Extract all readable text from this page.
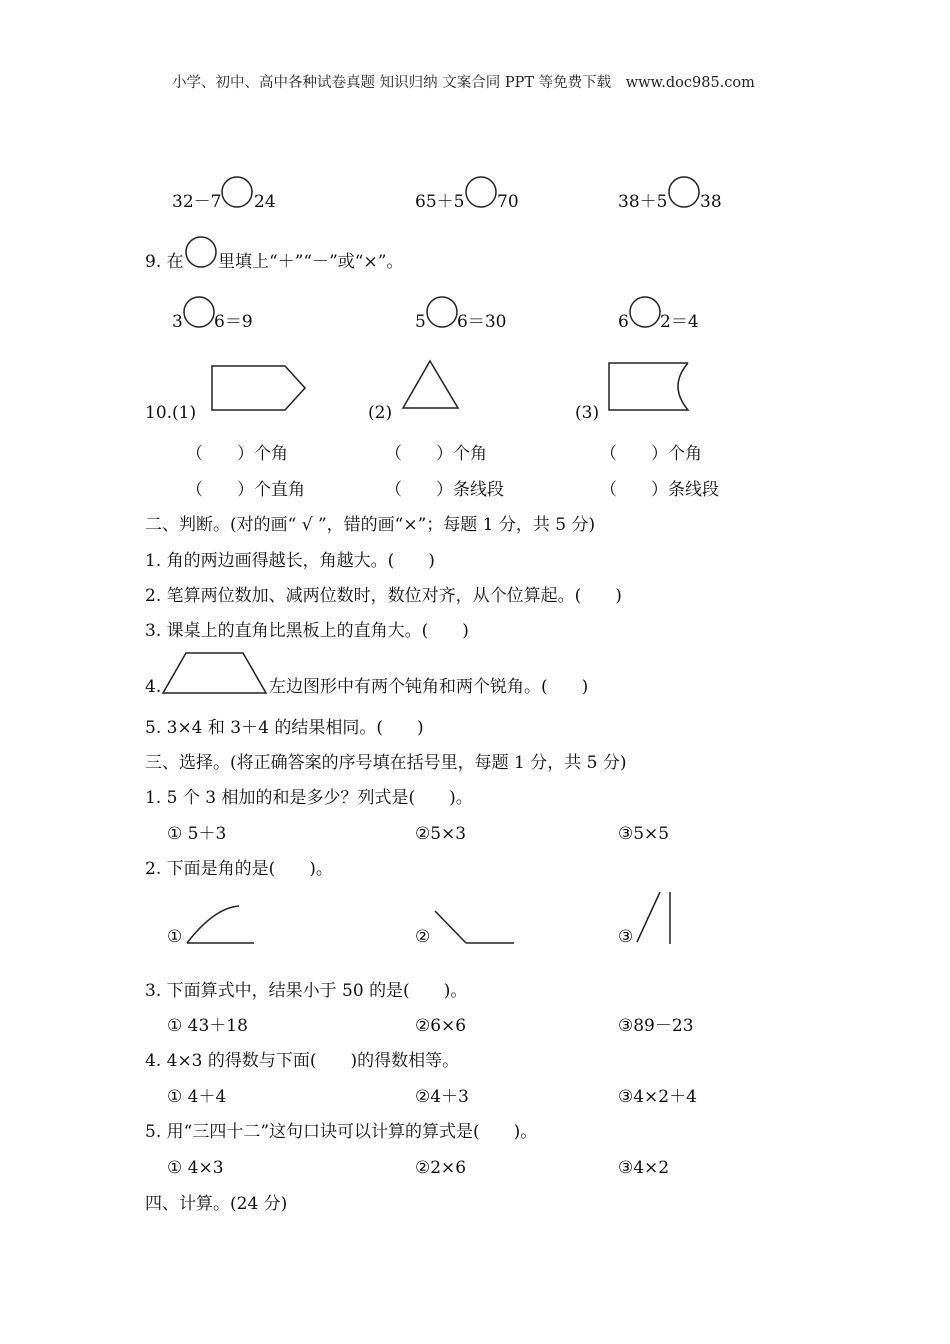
小学、初中、高中各种试卷真题 知识归纳 文案合同 PPT 等免费下载 www.doc985.com
32－7 24	65＋5 70	38＋5 38
9. 在 里填上“＋”“－”或“×”。
3 6＝9	5 6＝30	6 2＝4
10. (1)	(2)	(3)
（　　）个角	（　　）个角	（　　）个角
（　　）个直角	（　　）条线段	（　　）条线段
二、判断。(对的画“ √ ”，错的画“×”；每题 1 分，共 5 分)
1. 角的两边画得越长，角越大。(　　)
2. 笔算两位数加、减两位数时，数位对齐，从个位算起。(　　)
3. 课桌上的直角比黑板上的直角大。(　　)
4.	左边图形中有两个钝角和两个锐角。(　　)
5. 3×4 和 3＋4 的结果相同。(　　)
三、选择。(将正确答案的序号填在括号里，每题 1 分，共 5 分)
1. 5 个 3 相加的和是多少？列式是(　　)。
① 5＋3	②5×3	③5×5
2. 下面是角的是(　　)。
①	②	③
3. 下面算式中，结果小于 50 的是(　　)。
① 43＋18	②6×6	③89－23
4. 4×3 的得数与下面(　　)的得数相等。
① 4＋4	②4＋3	③4×2＋4
5. 用“三四十二”这句口诀可以计算的算式是(　　)。
① 4×3	②2×6	③4×2
四、计算。(24 分)
